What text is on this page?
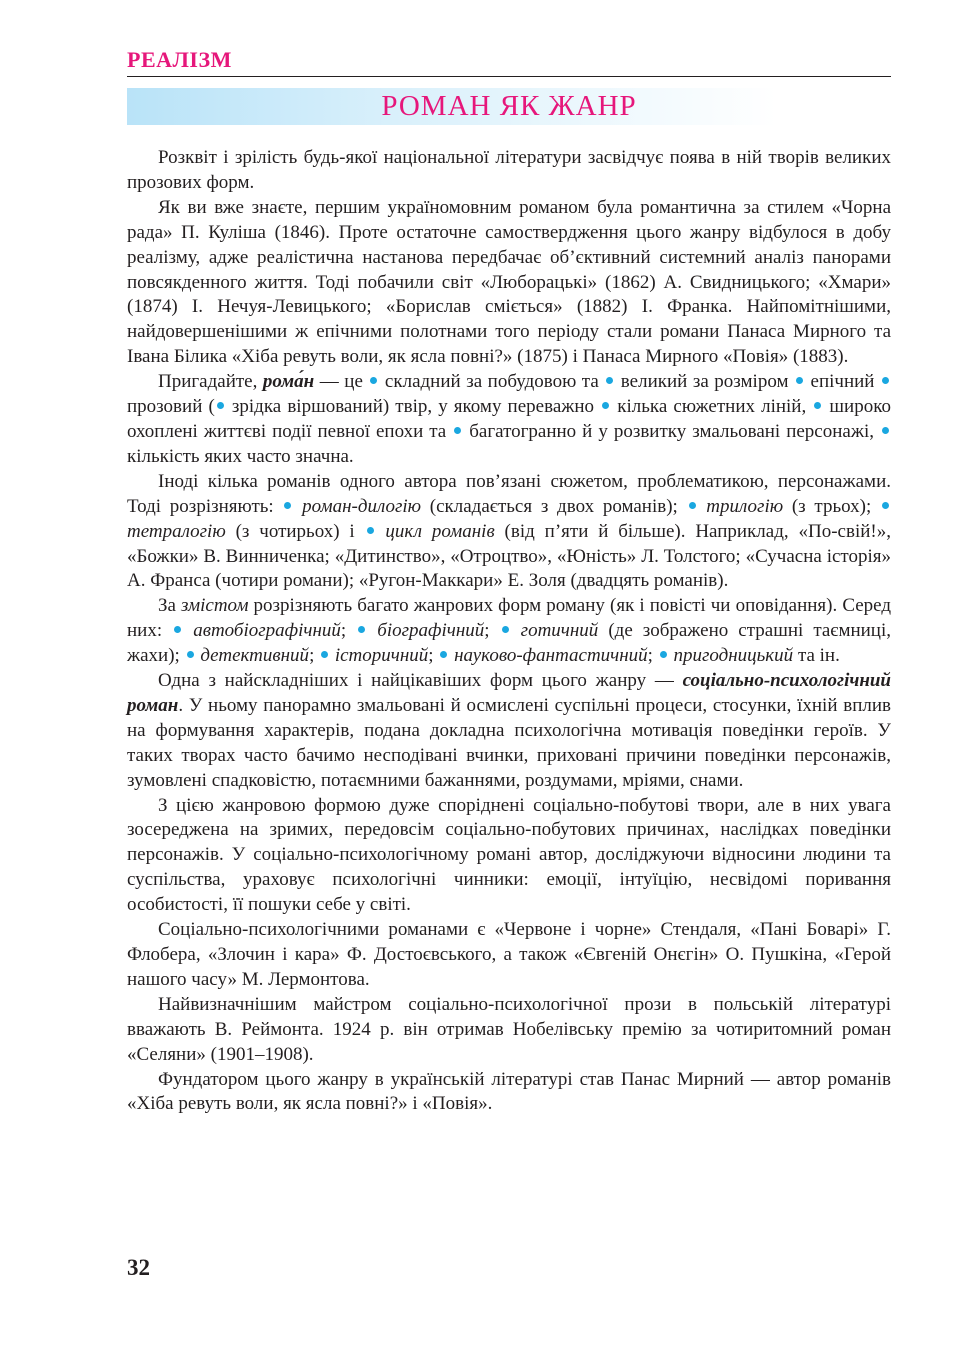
РЕАЛІЗМ
РОМАН ЯК ЖАНР

Розквіт і зрілість будь-якої національної літератури засвідчує поява в ній творів великих прозових форм.

Як ви вже знаєте, першим україномовним романом була романтична за стилем «Чорна рада» П. Куліша (1846). Проте остаточне самоствердження цього жанру відбулося в добу реалізму, адже реалістична настанова передбачає об’єктивний системний аналіз панорами повсякденного життя. Тоді побачили світ «Люборацькі» (1862) А. Свидницького; «Хмари» (1874) І. Нечуя-Левицького; «Борислав сміється» (1882) І. Франка. Найпомітнішими, найдовершенішими ж епічними полотнами того періоду стали романи Панаса Мирного та Івана Білика «Хіба ревуть воли, як ясла повні?» (1875) і Панаса Мирного «Повія» (1883).

Пригадайте, рома́н — це  складний за побудовою та  великий за розміром  епічний  прозовий ( зрідка віршований) твір, у якому переважно  кілька сюжетних ліній,  широко охоплені життєві події певної епохи та  багатогранно й у розвитку змальовані персонажі,  кількість яких часто значна.

Іноді кілька романів одного автора пов’язані сюжетом, проблематикою, персонажами. Тоді розрізняють:  роман-дилогію (складається з двох романів);  трилогію (з трьох);  тетралогію (з чотирьох) і  цикл романів (від п’яти й більше). Наприклад, «По-свій!», «Божки» В. Винниченка; «Дитинство», «Отроцтво», «Юність» Л. Толстого; «Сучасна історія» А. Франса (чотири романи); «Ругон-Маккари» Е. Золя (двадцять романів).

За змістом розрізняють багато жанрових форм роману (як і повісті чи оповідання). Серед них:  автобіографічний;  біографічний;  готичний (де зображено страшні таємниці, жахи);  детективний;  історичний;  науково-фантастичний;  пригодницький та ін.

Одна з найскладніших і найцікавіших форм цього жанру — соціально-психологічний роман. У ньому панорамно змальовані й осмислені суспільні процеси, стосунки, їхній вплив на формування характерів, подана докладна психологічна мотивація поведінки героїв. У таких творах часто бачимо несподівані вчинки, приховані причини поведінки персонажів, зумовлені спадковістю, потаємними бажаннями, роздумами, мріями, снами.

З цією жанровою формою дуже споріднені соціально-побутові твори, але в них увага зосереджена на зримих, передовсім соціально-побутових причинах, наслідках поведінки персонажів. У соціально-психологічному романі автор, досліджуючи відносини людини та суспільства, ураховує психологічні чинники: емоції, інтуїцію, несвідомі поривання особистості, її пошуки себе у світі.

Соціально-психологічними романами є «Червоне і чорне» Стендаля, «Пані Боварі» Г. Флобера, «Злочин і кара» Ф. Достоєвського, а також «Євгеній Онєгін» О. Пушкіна, «Герой нашого часу» М. Лермонтова.

Найвизначнішим майстром соціально-психологічної прози в польській літературі вважають В. Реймонта. 1924 р. він отримав Нобелівську премію за чотиритомний роман «Селяни» (1901–1908).

Фундатором цього жанру в українській літературі став Панас Мирний — автор романів «Хіба ревуть воли, як ясла повні?» і «Повія».

32
